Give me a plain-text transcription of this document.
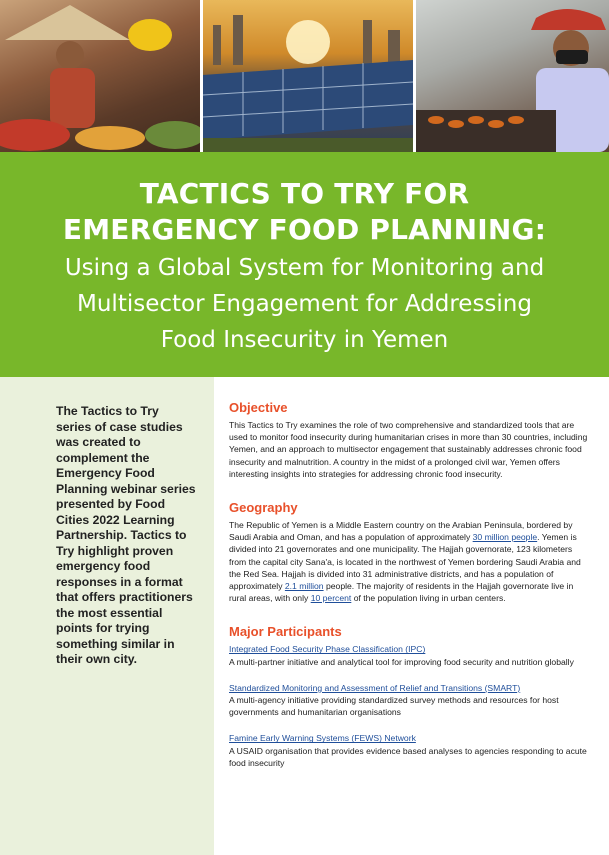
TACTICS TO TRY FOR
EMERGENCY FOOD PLANNING:
Using a Global System for Monitoring and
Multisector Engagement for Addressing
Food Insecurity in Yemen

The Tactics to Try series of case studies was created to complement the Emergency Food Planning webinar series presented by Food Cities 2022 Learning Partnership. Tactics to Try highlight proven emergency food responses in a format that offers practitioners the most essential points for trying something similar in their own city.

Objective

This Tactics to Try examines the role of two comprehensive and standardized tools that are used to monitor food insecurity during humanitarian crises in more than 30 countries, including Yemen, and an approach to multisector engagement that sustainably addresses chronic food insecurity and malnutrition. A country in the midst of a prolonged civil war, Yemen offers interesting insights into strategies for addressing chronic food insecurity.

Geography

The Republic of Yemen is a Middle Eastern country on the Arabian Peninsula, bordered by Saudi Arabia and Oman, and has a population of approximately 30 million people. Yemen is divided into 21 governorates and one municipality. The Hajjah governorate, 123 kilometers from the capital city Sana'a, is located in the northwest of Yemen bordering Saudi Arabia and the Red Sea. Hajjah is divided into 31 administrative districts, and has a population of approximately 2.1 million people. The majority of residents in the Hajjah governorate live in rural areas, with only 10 percent of the population living in urban centers.

Major Participants
Integrated Food Security Phase Classification (IPC)

A multi-partner initiative and analytical tool for improving food security and nutrition globally

Standardized Monitoring and Assessment of Relief and Transitions (SMART)

A multi-agency initiative providing standardized survey methods and resources for host governments and humanitarian organisations

Famine Early Warning Systems (FEWS) Network

A USAID organisation that provides evidence based analyses to agencies responding to acute food insecurity
